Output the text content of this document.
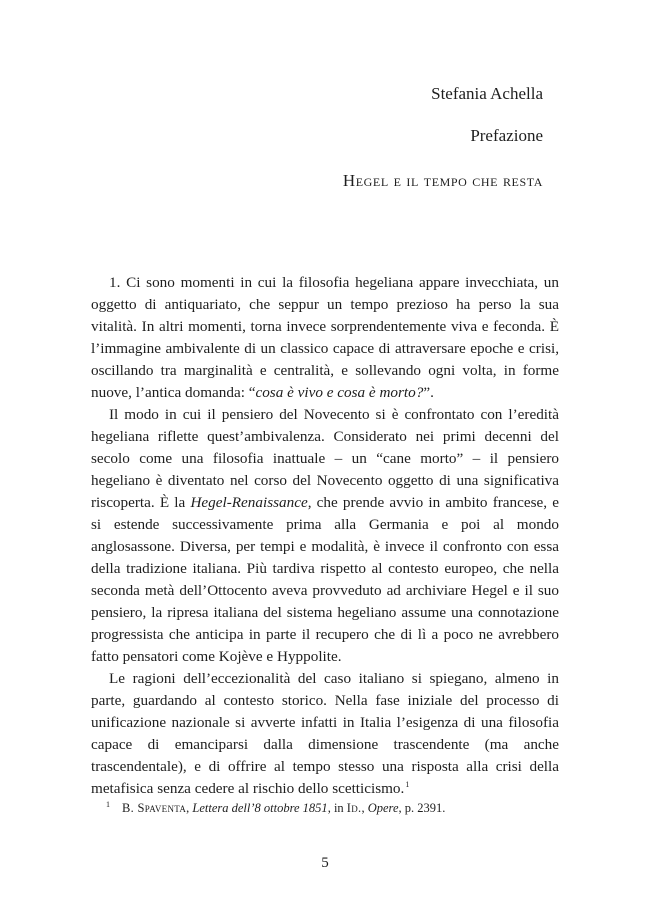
Stefania Achella

Prefazione

Hegel e il tempo che resta

1. Ci sono momenti in cui la filosofia hegeliana appare invecchiata, un oggetto di antiquariato, che seppur un tempo prezioso ha perso la sua vitalità. In altri momenti, torna invece sorprendentemente viva e feconda. È l’immagine ambivalente di un classico capace di attraversare epoche e crisi, oscillando tra marginalità e centralità, e sollevando ogni volta, in forme nuove, l’antica domanda: “cosa è vivo e cosa è morto?”.

Il modo in cui il pensiero del Novecento si è confrontato con l’eredità hegeliana riflette quest’ambivalenza. Considerato nei primi decenni del secolo come una filosofia inattuale – un “cane morto” – il pensiero hegeliano è diventato nel corso del Novecento oggetto di una significativa riscoperta. È la Hegel-Renaissance, che prende avvio in ambito francese, e si estende successivamente prima alla Germania e poi al mondo anglosassone. Diversa, per tempi e modalità, è invece il confronto con essa della tradizione italiana. Più tardiva rispetto al contesto europeo, che nella seconda metà dell’Ottocento aveva provveduto ad archiviare Hegel e il suo pensiero, la ripresa italiana del sistema hegeliano assume una connotazione progressista che anticipa in parte il recupero che di lì a poco ne avrebbero fatto pensatori come Kojève e Hyppolite.

Le ragioni dell’eccezionalità del caso italiano si spiegano, almeno in parte, guardando al contesto storico. Nella fase iniziale del processo di unificazione nazionale si avverte infatti in Italia l’esigenza di una filosofia capace di emanciparsi dalla dimensione trascendente (ma anche trascendentale), e di offrire al tempo stesso una risposta alla crisi della metafisica senza cedere al rischio dello scetticismo.$^1$

$^1$ B. Spaventa, Lettera dell’8 ottobre 1851, in Id., Opere, p. 2391.
5
